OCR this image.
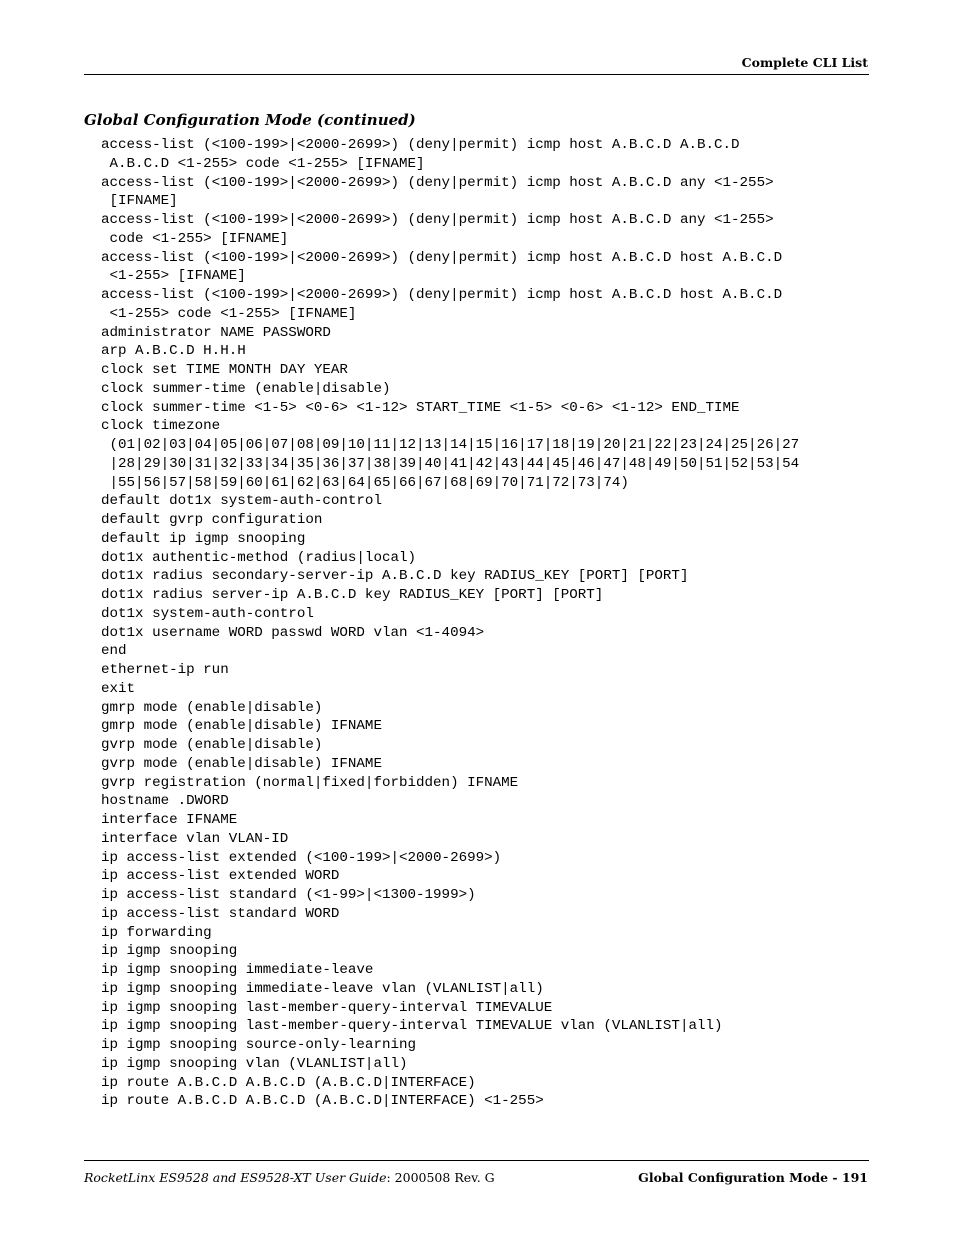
Complete CLI List
Global Configuration Mode (continued)
access-list (<100-199>|<2000-2699>) (deny|permit) icmp host A.B.C.D A.B.C.D
A.B.C.D <1-255> code <1-255> [IFNAME]
access-list (<100-199>|<2000-2699>) (deny|permit) icmp host A.B.C.D any <1-255>
[IFNAME]
access-list (<100-199>|<2000-2699>) (deny|permit) icmp host A.B.C.D any <1-255>
code <1-255> [IFNAME]
access-list (<100-199>|<2000-2699>) (deny|permit) icmp host A.B.C.D host A.B.C.D
<1-255> [IFNAME]
access-list (<100-199>|<2000-2699>) (deny|permit) icmp host A.B.C.D host A.B.C.D
<1-255> code <1-255> [IFNAME]
administrator NAME PASSWORD
arp A.B.C.D H.H.H
clock set TIME MONTH DAY YEAR
clock summer-time (enable|disable)
clock summer-time <1-5> <0-6> <1-12> START_TIME <1-5> <0-6> <1-12> END_TIME
clock timezone
(01|02|03|04|05|06|07|08|09|10|11|12|13|14|15|16|17|18|19|20|21|22|23|24|25|26|27
|28|29|30|31|32|33|34|35|36|37|38|39|40|41|42|43|44|45|46|47|48|49|50|51|52|53|54
|55|56|57|58|59|60|61|62|63|64|65|66|67|68|69|70|71|72|73|74)
default dot1x system-auth-control
default gvrp configuration
default ip igmp snooping
dot1x authentic-method (radius|local)
dot1x radius secondary-server-ip A.B.C.D key RADIUS_KEY [PORT] [PORT]
dot1x radius server-ip A.B.C.D key RADIUS_KEY [PORT] [PORT]
dot1x system-auth-control
dot1x username WORD passwd WORD vlan <1-4094>
end
ethernet-ip run
exit
gmrp mode (enable|disable)
gmrp mode (enable|disable) IFNAME
gvrp mode (enable|disable)
gvrp mode (enable|disable) IFNAME
gvrp registration (normal|fixed|forbidden) IFNAME
hostname .DWORD
interface IFNAME
interface vlan VLAN-ID
ip access-list extended (<100-199>|<2000-2699>)
ip access-list extended WORD
ip access-list standard (<1-99>|<1300-1999>)
ip access-list standard WORD
ip forwarding
ip igmp snooping
ip igmp snooping immediate-leave
ip igmp snooping immediate-leave vlan (VLANLIST|all)
ip igmp snooping last-member-query-interval TIMEVALUE
ip igmp snooping last-member-query-interval TIMEVALUE vlan (VLANLIST|all)
ip igmp snooping source-only-learning
ip igmp snooping vlan (VLANLIST|all)
ip route A.B.C.D A.B.C.D (A.B.C.D|INTERFACE)
ip route A.B.C.D A.B.C.D (A.B.C.D|INTERFACE) <1-255>
RocketLinx ES9528 and ES9528-XT User Guide: 2000508 Rev. G	Global Configuration Mode - 191
